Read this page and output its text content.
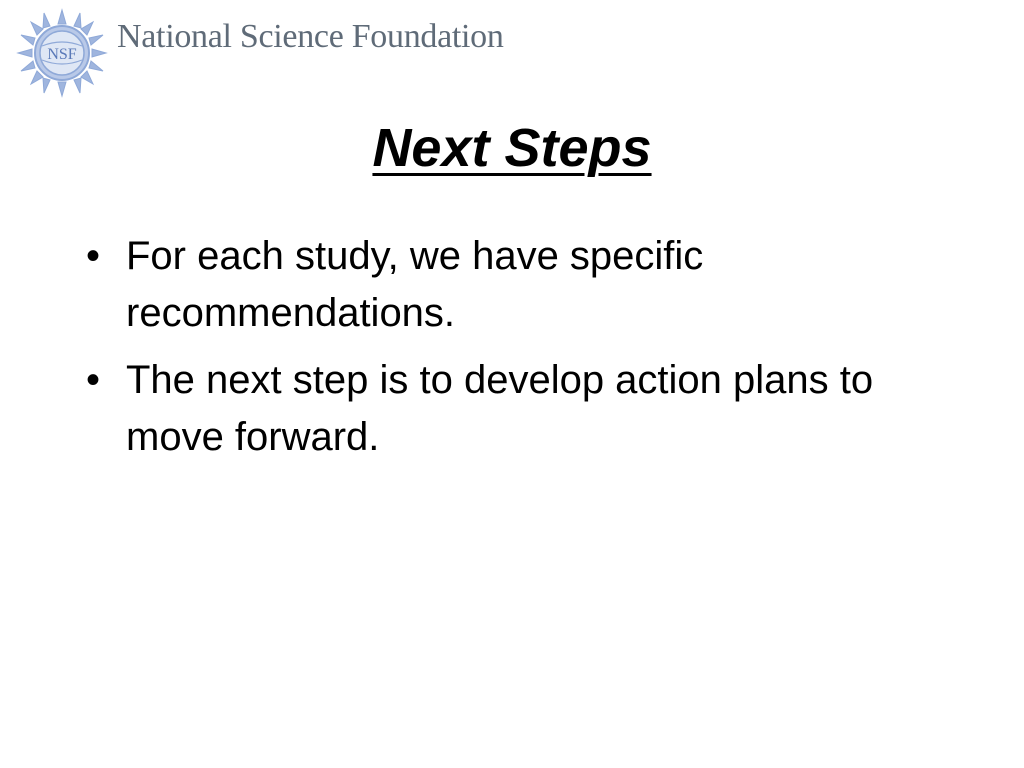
NSF National Science Foundation
Next Steps
• For each study, we have specific recommendations.
• The next step is to develop action plans to move forward.
